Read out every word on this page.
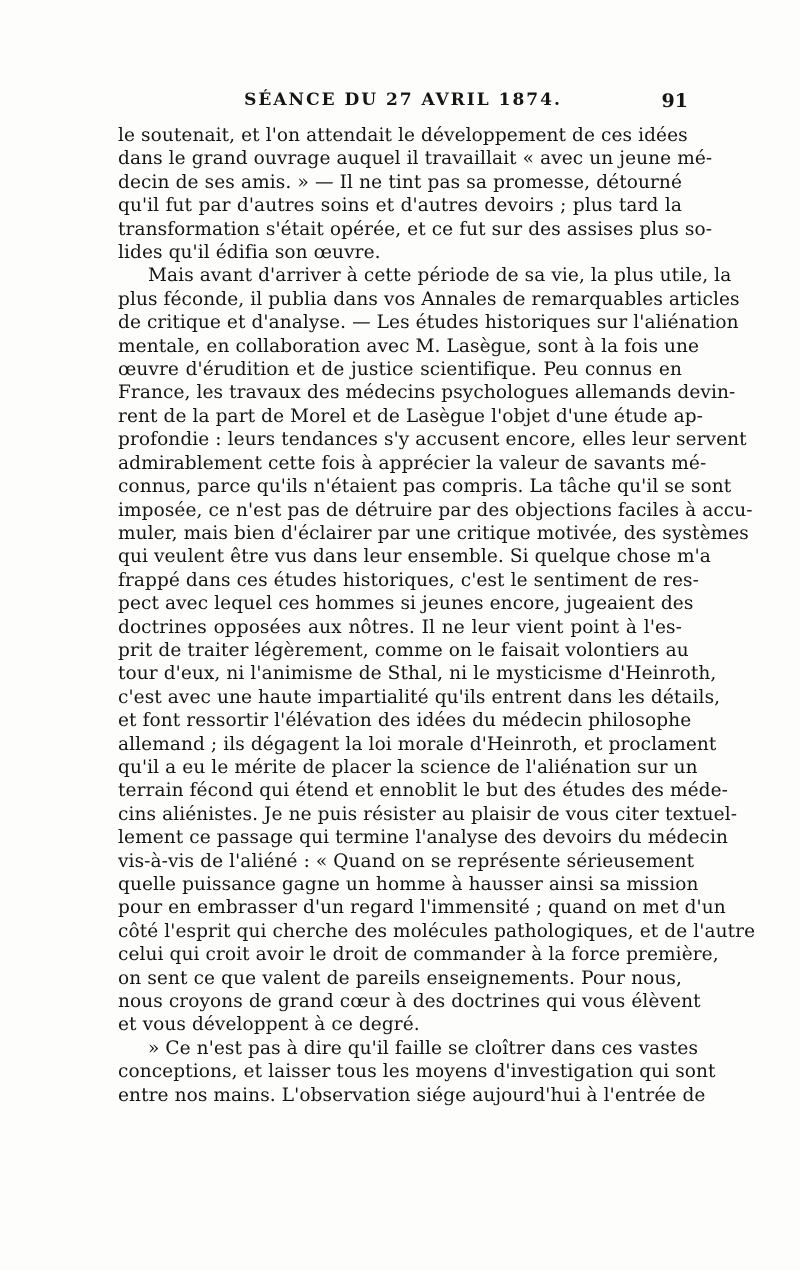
SÉANCE DU 27 AVRIL 1874.	91
le soutenait, et l'on attendait le développement de ces idées
dans le grand ouvrage auquel il travaillait « avec un jeune mé-
decin de ses amis. » — Il ne tint pas sa promesse, détourné
qu'il fut par d'autres soins et d'autres devoirs ; plus tard la
transformation s'était opérée, et ce fut sur des assises plus so-
lides qu'il édifia son œuvre.
Mais avant d'arriver à cette période de sa vie, la plus utile, la
plus féconde, il publia dans vos Annales de remarquables articles
de critique et d'analyse. — Les études historiques sur l'aliénation
mentale, en collaboration avec M. Lasègue, sont à la fois une
œuvre d'érudition et de justice scientifique. Peu connus en
France, les travaux des médecins psychologues allemands devin-
rent de la part de Morel et de Lasègue l'objet d'une étude ap-
profondie : leurs tendances s'y accusent encore, elles leur servent
admirablement cette fois à apprécier la valeur de savants mé-
connus, parce qu'ils n'étaient pas compris. La tâche qu'il se sont
imposée, ce n'est pas de détruire par des objections faciles à accu-
muler, mais bien d'éclairer par une critique motivée, des systèmes
qui veulent être vus dans leur ensemble. Si quelque chose m'a
frappé dans ces études historiques, c'est le sentiment de res-
pect avec lequel ces hommes si jeunes encore, jugeaient des
doctrines opposées aux nôtres. Il ne leur vient point à l'es-
prit de traiter légèrement, comme on le faisait volontiers au
tour d'eux, ni l'animisme de Sthal, ni le mysticisme d'Heinroth,
c'est avec une haute impartialité qu'ils entrent dans les détails,
et font ressortir l'élévation des idées du médecin philosophe
allemand ; ils dégagent la loi morale d'Heinroth, et proclament
qu'il a eu le mérite de placer la science de l'aliénation sur un
terrain fécond qui étend et ennoblit le but des études des méde-
cins aliénistes. Je ne puis résister au plaisir de vous citer textuel-
lement ce passage qui termine l'analyse des devoirs du médecin
vis-à-vis de l'aliéné : « Quand on se représente sérieusement
quelle puissance gagne un homme à hausser ainsi sa mission
pour en embrasser d'un regard l'immensité ; quand on met d'un
côté l'esprit qui cherche des molécules pathologiques, et de l'autre
celui qui croit avoir le droit de commander à la force première,
on sent ce que valent de pareils enseignements. Pour nous,
nous croyons de grand cœur à des doctrines qui vous élèvent
et vous développent à ce degré.
» Ce n'est pas à dire qu'il faille se cloîtrer dans ces vastes
conceptions, et laisser tous les moyens d'investigation qui sont
entre nos mains. L'observation siége aujourd'hui à l'entrée de
